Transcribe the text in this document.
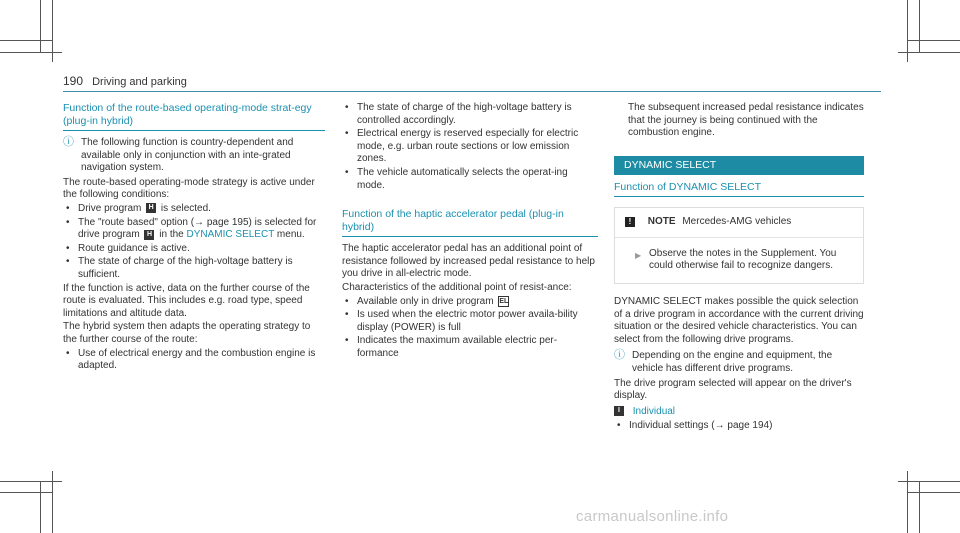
190 Driving and parking
Function of the route-based operating-mode strat-egy (plug-in hybrid)
ⓘ The following function is country-dependent and available only in conjunction with an inte-grated navigation system.

The route-based operating-mode strategy is active under the following conditions:

• Drive program H is selected.
• The "route based" option (→ page 195) is selected for drive program H in the DYNAMIC SELECT menu.
• Route guidance is active.
• The state of charge of the high-voltage battery is sufficient.

If the function is active, data on the further course of the route is evaluated. This includes e.g. road type, speed limitations and altitude data.

The hybrid system then adapts the operating strategy to the further course of the route:

• Use of electrical energy and the combustion engine is adapted.
• The state of charge of the high-voltage battery is controlled accordingly.
• Electrical energy is reserved especially for electric mode, e.g. urban route sections or low emission zones.
• The vehicle automatically selects the operat-ing mode.
Function of the haptic accelerator pedal (plug-in hybrid)

The haptic accelerator pedal has an additional point of resistance followed by increased pedal resistance to help you drive in all-electric mode.

Characteristics of the additional point of resist-ance:

• Available only in drive program EL
• Is used when the electric motor power availa-bility display (POWER) is full
• Indicates the maximum available electric per-formance

The subsequent increased pedal resistance indicates that the journey is being continued with the combustion engine.

DYNAMIC SELECT
Function of DYNAMIC SELECT
! NOTE Mercedes-AMG vehicles
▶ Observe the notes in the Supplement. You could otherwise fail to recognize dangers.

DYNAMIC SELECT makes possible the quick selection of a drive program in accordance with the current driving situation or the desired vehicle characteristics. You can select from the following drive programs.

ⓘ Depending on the engine and equipment, the vehicle has different drive programs.

The drive program selected will appear on the driver's display.

I Individual

• Individual settings (→ page 194)
carmanualsonline.info
